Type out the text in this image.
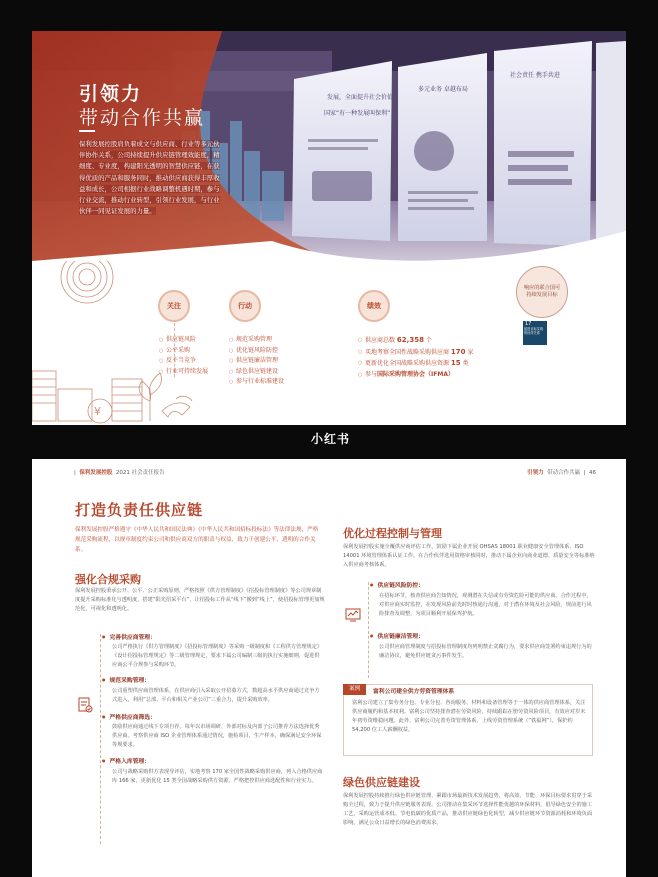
发展，全面提升社会价值
国家“有一种发展叫保利”
多元业务 卓越布局
社会责任 携手共进
引领力
带动合作共赢
保利发展控股肩负着成文与供应商、行业等多元伙伴协作关系，公司持续提升供应链管理效能度，精细度、专业度，构建阳光透明的智慧供应链，在获得优质的产品和服务同时，推动供应商获得丰厚收益和成长，公司相据行业战略调整机遇时期，参与行业交流，推动行业转型，引领行业发展，与行业伙伴一同见证发展的力量。
¥
关注
○ 供应链风险
○ 公平采购
○ 反不当竞争
○ 行业可持续发展
行动
○ 规范采购管理
○ 优化链风险防控
○ 供应链廉洁管理
○ 绿色供应链建设
○ 参与行业标准建设
绩效
○ 供应商总数 62,358 个
○ 买地考察全国性战略采购供应商 170 家
○ 更新优化全国战略采购供应资源 15 类
○ 参与国际采购管理协会（IFMA）
响应的联合国可持续发展目标
17
促进目标实现的伙伴关系
小红书
|  保利发展控股 2021 社会责任报告	引领力 带动合作共赢  |  46
打造负责任供应链
保利发展控股严格遵守《中华人民共和国民法典》《中华人民共和国招标投标法》等法律法规，严格规范采购流程，以规章制度约束公司和供应商双方的职责与权益，致力于创建公平、透明的合作关系。
强化合规采购
保利发展控股秉承公开、公平、公正采购原则，严格按照《供方管理制度》《招投标管理制度》等公司规章制度提升采购标准化与透明度，搭建“阳光招采平台”，让招投标工作从“线下”搬到“线上”，使招投标管理更加规范化，可视化和透明化。
● 完善供应商管理：
公司严格执行《供方管理制度》《招投标管理制度》等采购一级制度和《工程供方管理规定》《设计招投标管理规定》等二级管理规定，要求下属公司编制三级的执行实施细则，促进供应商公平合规参与采购环节。
● 规范采购管理：
公司重塑供应商管理体系，在供应商引入采取公开招募方式，数超高水平供应商通过竞争方式进入，利用“总部、平台和相关产业公司”三重合力，提升采购效率。
● 严格供应商筛选：
鼓励供应商通过线下专项自荐。每年以市场调研、外部对标及内部子公司推荐方法选择优秀供应商。考察供应商 ISO 企业管理体系通过情况，施检项目，生产样本，确保满足安全环保等规要求。
● 严格入库管理：
公司与战略采购供方表现导评估，实地考察 170 家全国性战略采购供应商，列入合格供应商库 166 家，更新优化 15 类全国战略采购供方资源，严格把控供应商选配性和行业实力。
优化过程控制与管理
保利发展控股实施全覆供应商评估工作，鼓励下属企业开展 OHSAS 18001 职业健康安全管理体系、ISO 14001 环境管理体系认证工作。在合作伙伴选用资格审核同时，推动下属企业向商业道德、质量安全等标准纳入供应商考核体系。
● 供应链风险防控：
在招标环节，核查供应商告知情况，观测潜在失信或有劳资危险可能的供应商。合作过程中，对供应商实时监控，在发现风险前先时时核通行沟通，对于潜在环境及社会风险，规前进行风险排查及调整，为项目顺利开展保驾护航。
● 供应链廉洁管理：
公司供应商管理制度与招投标管理制度均列明禁止贪腐行为，要求供应商签署约束违规行为的廉洁协议，避免供应链贪污事件发生。
案例	富利公司建全供方劳资管理体系
富利公司建立了集劳务分包、专业分包、咨询服务、材料和设备管理等于一体的供应商管理体系，关注供应商履约和基本权利。富利公司坚持排查潜在劳资风险，持续跟踪在册劳资风险项目，有效应对岁末年初劳资维稳问题。此外，富利公司完善劳资管理体系，上线劳资管理系统（“铁福网”），保护约 54,200 位工人薪酬权益。
绿色供应链建设
保利发展控股持续推行绿色供应链管理，紧跟市场最新技术发展趋势，将高效、节能、环保目标要求贯穿于采购全过程，致力于提升供应链服务表现。公司推动在集采环节选择性能优越的环保材料，倡导绿色安全的施工工艺，采购运营成本低、节电低碳的优质产品，推动供应链绿色化转型，减少供应链环节资源消耗和环境负面影响，满足公众日益增长的绿色消费需求。
